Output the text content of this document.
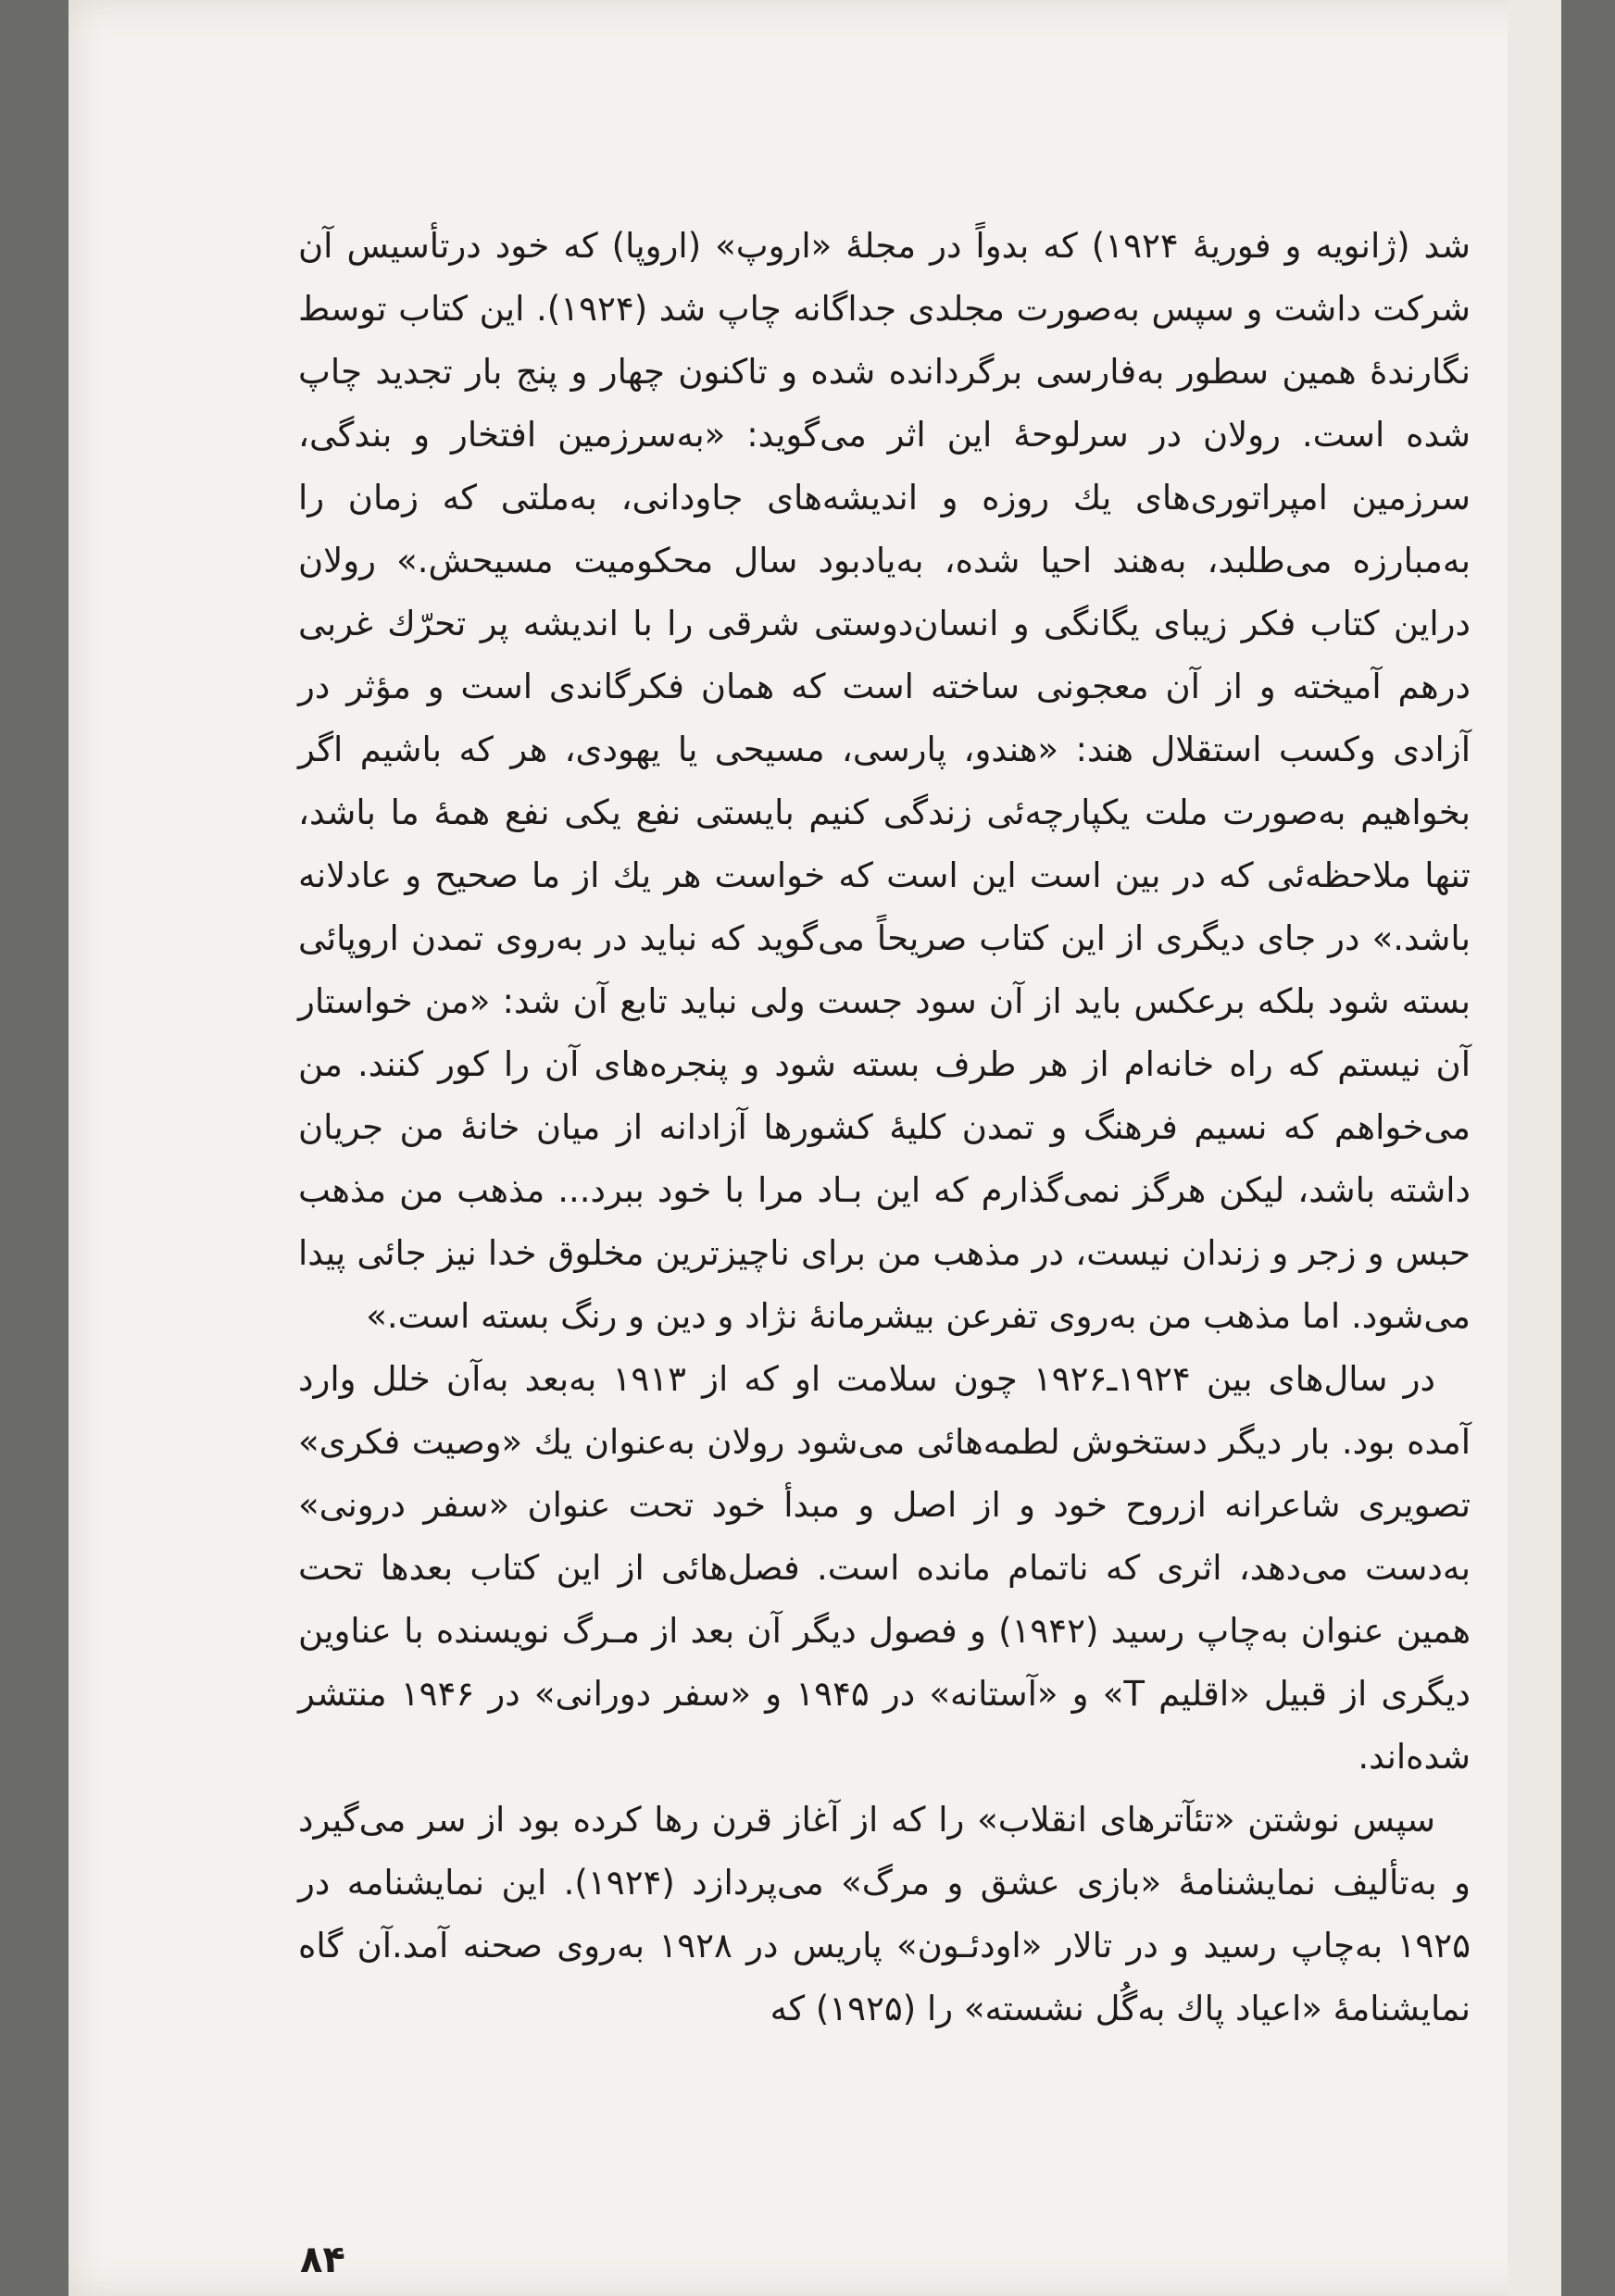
شد (ژانویه و فوریهٔ ۱۹۲۴) که بدواً در مجلهٔ «اروپ» (اروپا) که خود درتأسیس آن شرکت داشت و سپس به‌صورت مجلدی جداگانه چاپ شد (۱۹۲۴). این کتاب توسط نگارندهٔ همین سطور به‌فارسی برگردانده شده و تاکنون چهار و پنج بار تجدید چاپ شده است. رولان در سرلوحهٔ این اثر می‌گوید: «به‌سرزمین افتخار و بندگی، سرزمین امپراتوری‌های یك روزه و اندیشه‌های جاودانی، به‌ملتی که زمان را به‌مبارزه می‌طلبد، به‌هند احیا شده، به‌یادبود سال محکومیت مسیحش.» رولان دراین کتاب فکر زیبای یگانگی و انسان‌دوستی شرقی را با اندیشه پر تحرّك غربی درهم آمیخته و از آن معجونی ساخته است که همان فکرگاندی است و مؤثر در آزادی وکسب استقلال هند: «هندو، پارسی، مسیحی یا یهودی، هر که باشیم اگر بخواهیم به‌صورت ملت یکپارچه‌ئی زندگی کنیم بایستی نفع یکی نفع همهٔ ما باشد، تنها ملاحظه‌ئی که در بین است این است که خواست هر یك از ما صحیح و عادلانه باشد.» در جای دیگری از این کتاب صریحاً می‌گوید که نباید در به‌روی تمدن اروپائی بسته شود بلکه برعکس باید از آن سود جست ولی نباید تابع آن شد: «من خواستار آن نیستم که راه خانه‌ام از هر طرف بسته شود و پنجره‌های آن را کور کنند. من می‌خواهم که نسیم فرهنگ و تمدن کلیهٔ کشورها آزادانه از میان خانهٔ من جریان داشته باشد، لیکن هرگز نمی‌گذارم که این بـاد مرا با خود ببرد... مذهب من مذهب حبس و زجر و زندان نیست، در مذهب من برای ناچیزترین مخلوق خدا نیز جائی پیدا می‌شود. اما مذهب من به‌روی تفرعن بیشرمانهٔ نژاد و دین و رنگ بسته است.»

در سال‌های بین ۱۹۲۴ـ۱۹۲۶ چون سلامت او که از ۱۹۱۳ به‌بعد به‌آن خلل وارد آمده بود. بار دیگر دستخوش لطمه‌هائی می‌شود رولان به‌عنوان یك «وصیت فکری» تصویری شاعرانه ازروح خود و از اصل و مبدأ خود تحت عنوان «سفر درونی» به‌دست می‌دهد، اثری که ناتمام مانده است. فصل‌هائی از این کتاب بعدها تحت همین عنوان به‌چاپ رسید (۱۹۴۲) و فصول دیگر آن بعد از مـرگ نویسنده با عناوین دیگری از قبیل «اقلیم T» و «آستانه» در ۱۹۴۵ و «سفر دورانی» در ۱۹۴۶ منتشر شده‌اند.

سپس نوشتن «تئآترهای انقلاب» را که از آغاز قرن رها کرده بود از سر می‌گیرد و به‌تألیف نمایشنامهٔ «بازی عشق و مرگ» می‌پردازد (۱۹۲۴). این نمایشنامه در ۱۹۲۵ به‌چاپ رسید و در تالار «اودئـون» پاریس در ۱۹۲۸ به‌روی صحنه آمد.آن گاه نمایشنامهٔ «اعیاد پاك به‌گُل نشسته» را (۱۹۲۵) که

۸۴
